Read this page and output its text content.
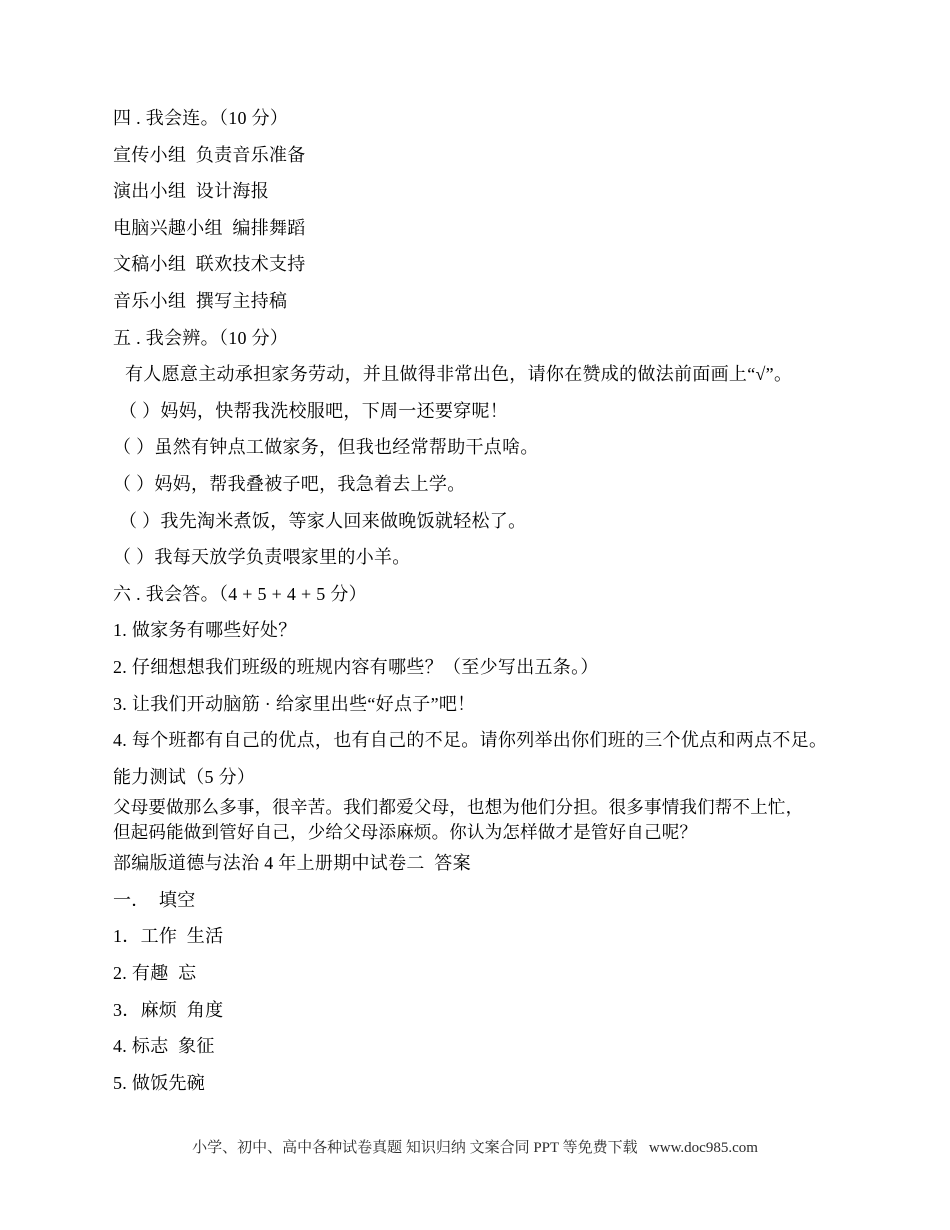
四 . 我会连。（10 分）
宣传小组  负责音乐准备
演出小组  设计海报
电脑兴趣小组  编排舞蹈
文稿小组  联欢技术支持
音乐小组  撰写主持稿
五 . 我会辨。（10 分）
有人愿意主动承担家务劳动，并且做得非常出色，请你在赞成的做法前面画上“√”。
（ ）妈妈，快帮我洗校服吧，下周一还要穿呢！
（ ）虽然有钟点工做家务，但我也经常帮助干点啥。
（ ）妈妈，帮我叠被子吧，我急着去上学。
（ ）我先淘米煮饭，等家人回来做晚饭就轻松了。
（ ）我每天放学负责喂家里的小羊。
六 . 我会答。（4 + 5 + 4 + 5 分）
1. 做家务有哪些好处？
2. 仔细想想我们班级的班规内容有哪些？（至少写出五条。）
3. 让我们开动脑筋 · 给家里出些“好点子”吧！
4. 每个班都有自己的优点，也有自己的不足。请你列举出你们班的三个优点和两点不足。
能力测试（5 分）
父母要做那么多事，很辛苦。我们都爱父母，也想为他们分担。很多事情我们帮不上忙，
但起码能做到管好自己，少给父母添麻烦。你认为怎样做才是管好自己呢？
部编版道德与法治 4 年上册期中试卷二  答案
一．　填空
1．工作  生活
2. 有趣  忘
3．麻烦  角度
4. 标志  象征
5. 做饭先碗
小学、初中、高中各种试卷真题 知识归纳 文案合同 PPT 等免费下载   www.doc985.com
